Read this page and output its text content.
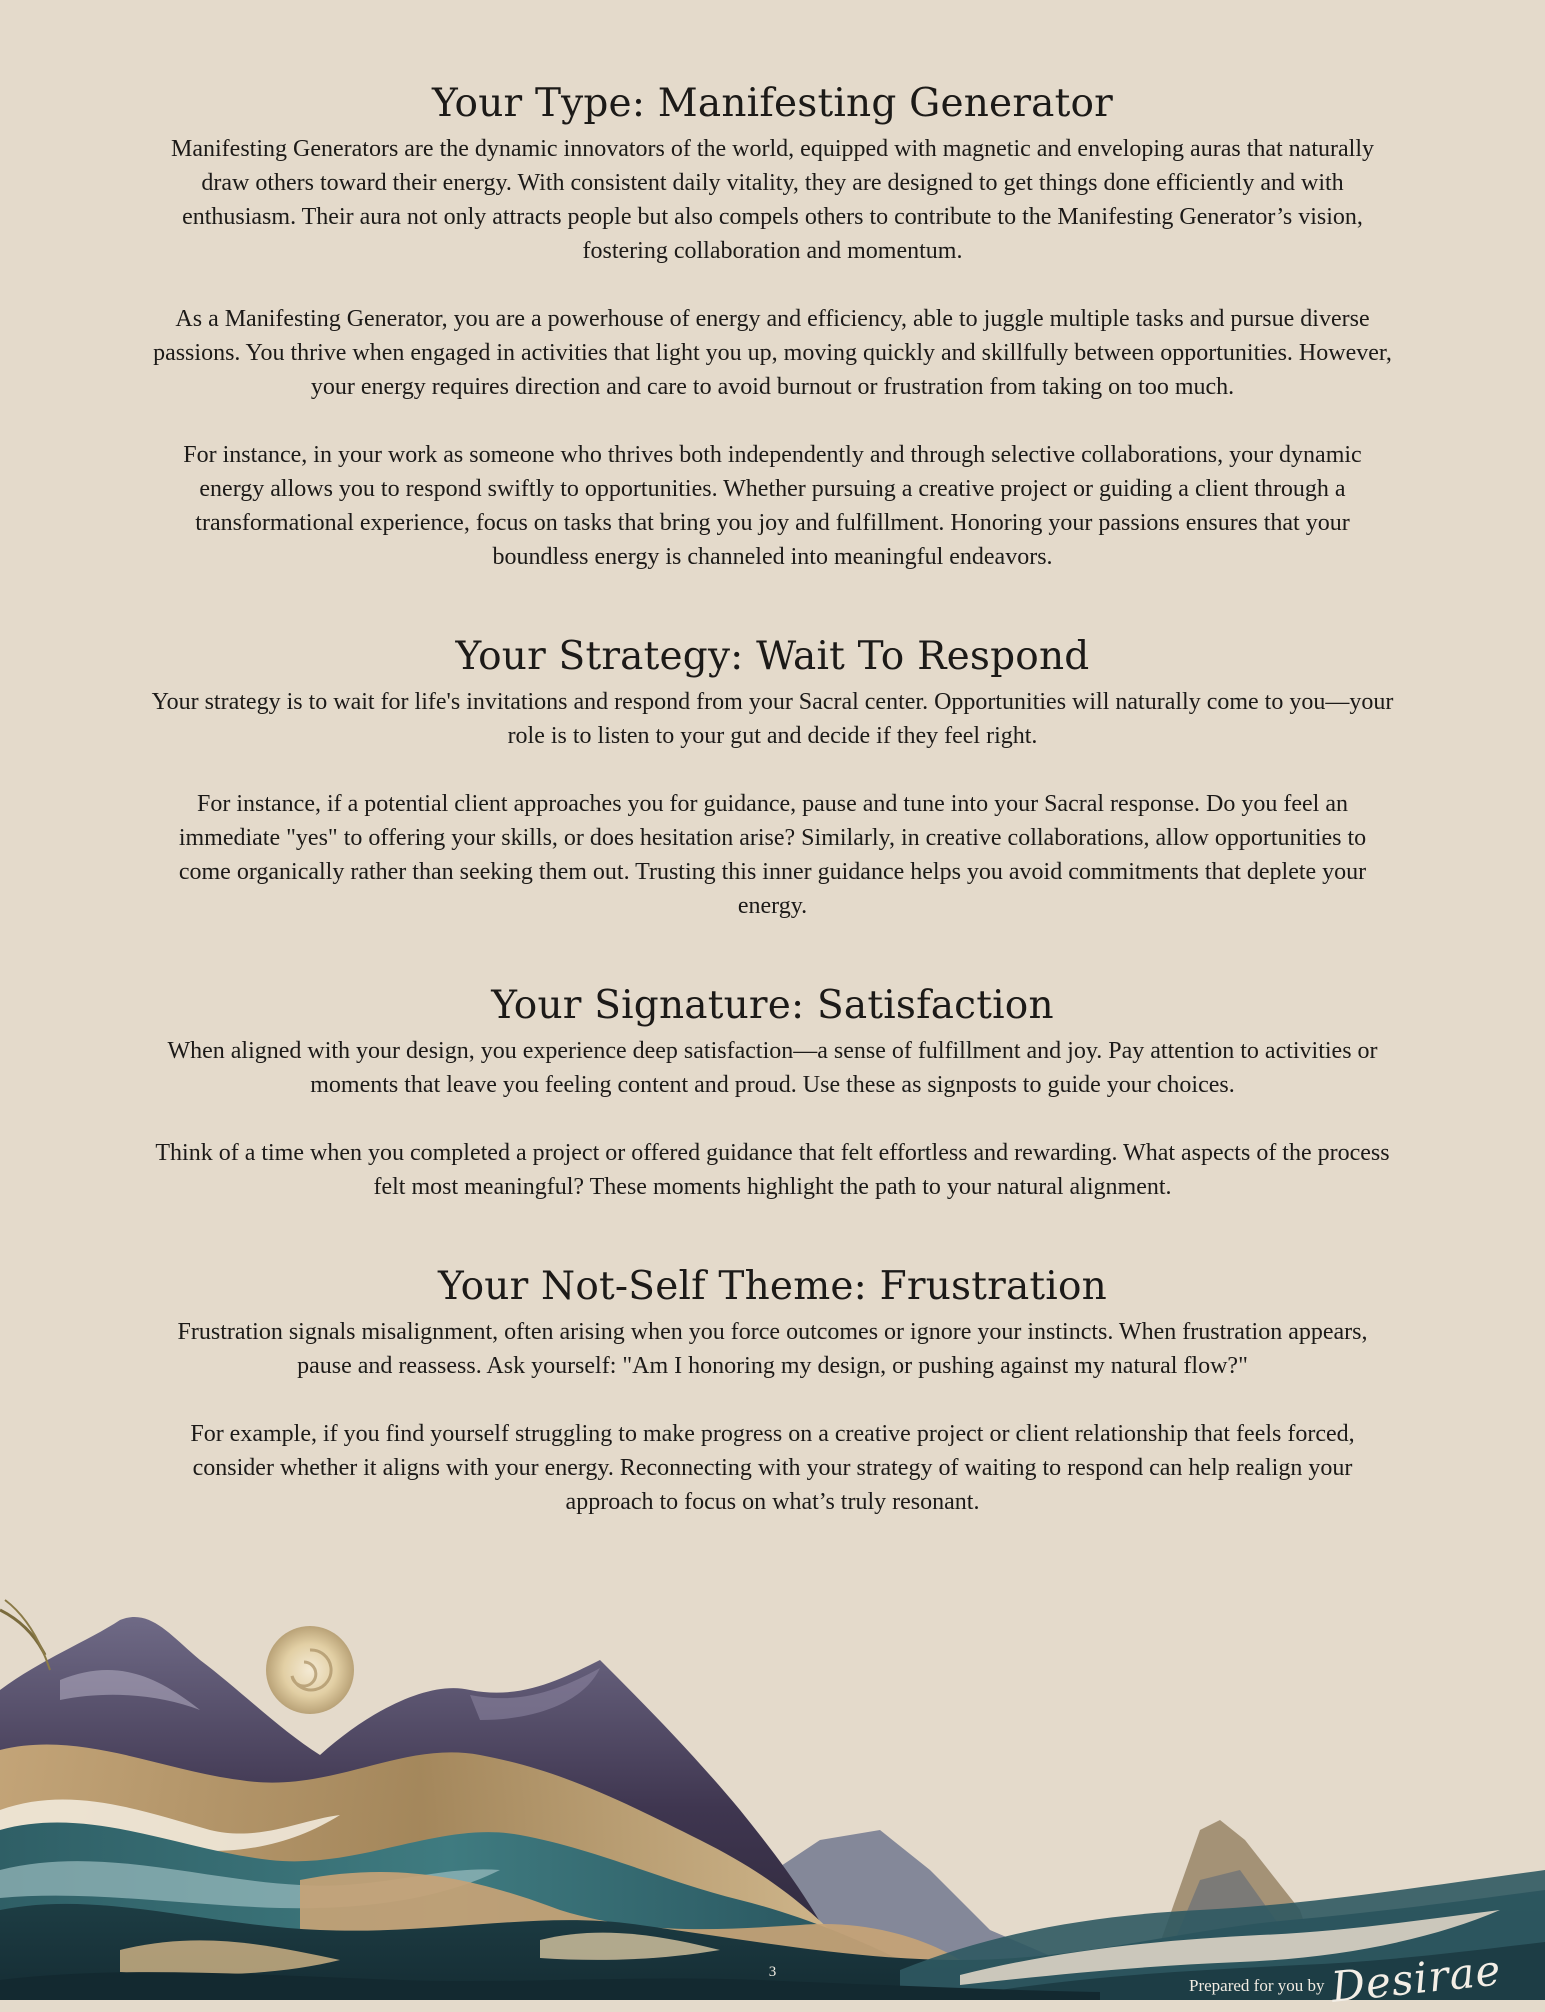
Your Type: Manifesting Generator

Manifesting Generators are the dynamic innovators of the world, equipped with magnetic and enveloping auras that naturally draw others toward their energy. With consistent daily vitality, they are designed to get things done efficiently and with enthusiasm. Their aura not only attracts people but also compels others to contribute to the Manifesting Generator’s vision, fostering collaboration and momentum.

As a Manifesting Generator, you are a powerhouse of energy and efficiency, able to juggle multiple tasks and pursue diverse passions. You thrive when engaged in activities that light you up, moving quickly and skillfully between opportunities. However, your energy requires direction and care to avoid burnout or frustration from taking on too much.

For instance, in your work as someone who thrives both independently and through selective collaborations, your dynamic energy allows you to respond swiftly to opportunities. Whether pursuing a creative project or guiding a client through a transformational experience, focus on tasks that bring you joy and fulfillment. Honoring your passions ensures that your boundless energy is channeled into meaningful endeavors.

Your Strategy: Wait To Respond

Your strategy is to wait for life's invitations and respond from your Sacral center. Opportunities will naturally come to you—your role is to listen to your gut and decide if they feel right.

For instance, if a potential client approaches you for guidance, pause and tune into your Sacral response. Do you feel an immediate "yes" to offering your skills, or does hesitation arise? Similarly, in creative collaborations, allow opportunities to come organically rather than seeking them out. Trusting this inner guidance helps you avoid commitments that deplete your energy.

Your Signature: Satisfaction

When aligned with your design, you experience deep satisfaction—a sense of fulfillment and joy. Pay attention to activities or moments that leave you feeling content and proud. Use these as signposts to guide your choices.

Think of a time when you completed a project or offered guidance that felt effortless and rewarding. What aspects of the process felt most meaningful? These moments highlight the path to your natural alignment.

Your Not-Self Theme: Frustration

Frustration signals misalignment, often arising when you force outcomes or ignore your instincts. When frustration appears, pause and reassess. Ask yourself: "Am I honoring my design, or pushing against my natural flow?"

For example, if you find yourself struggling to make progress on a creative project or client relationship that feels forced, consider whether it aligns with your energy. Reconnecting with your strategy of waiting to respond can help realign your approach to focus on what’s truly resonant.

3
Prepared for you by Desirae
